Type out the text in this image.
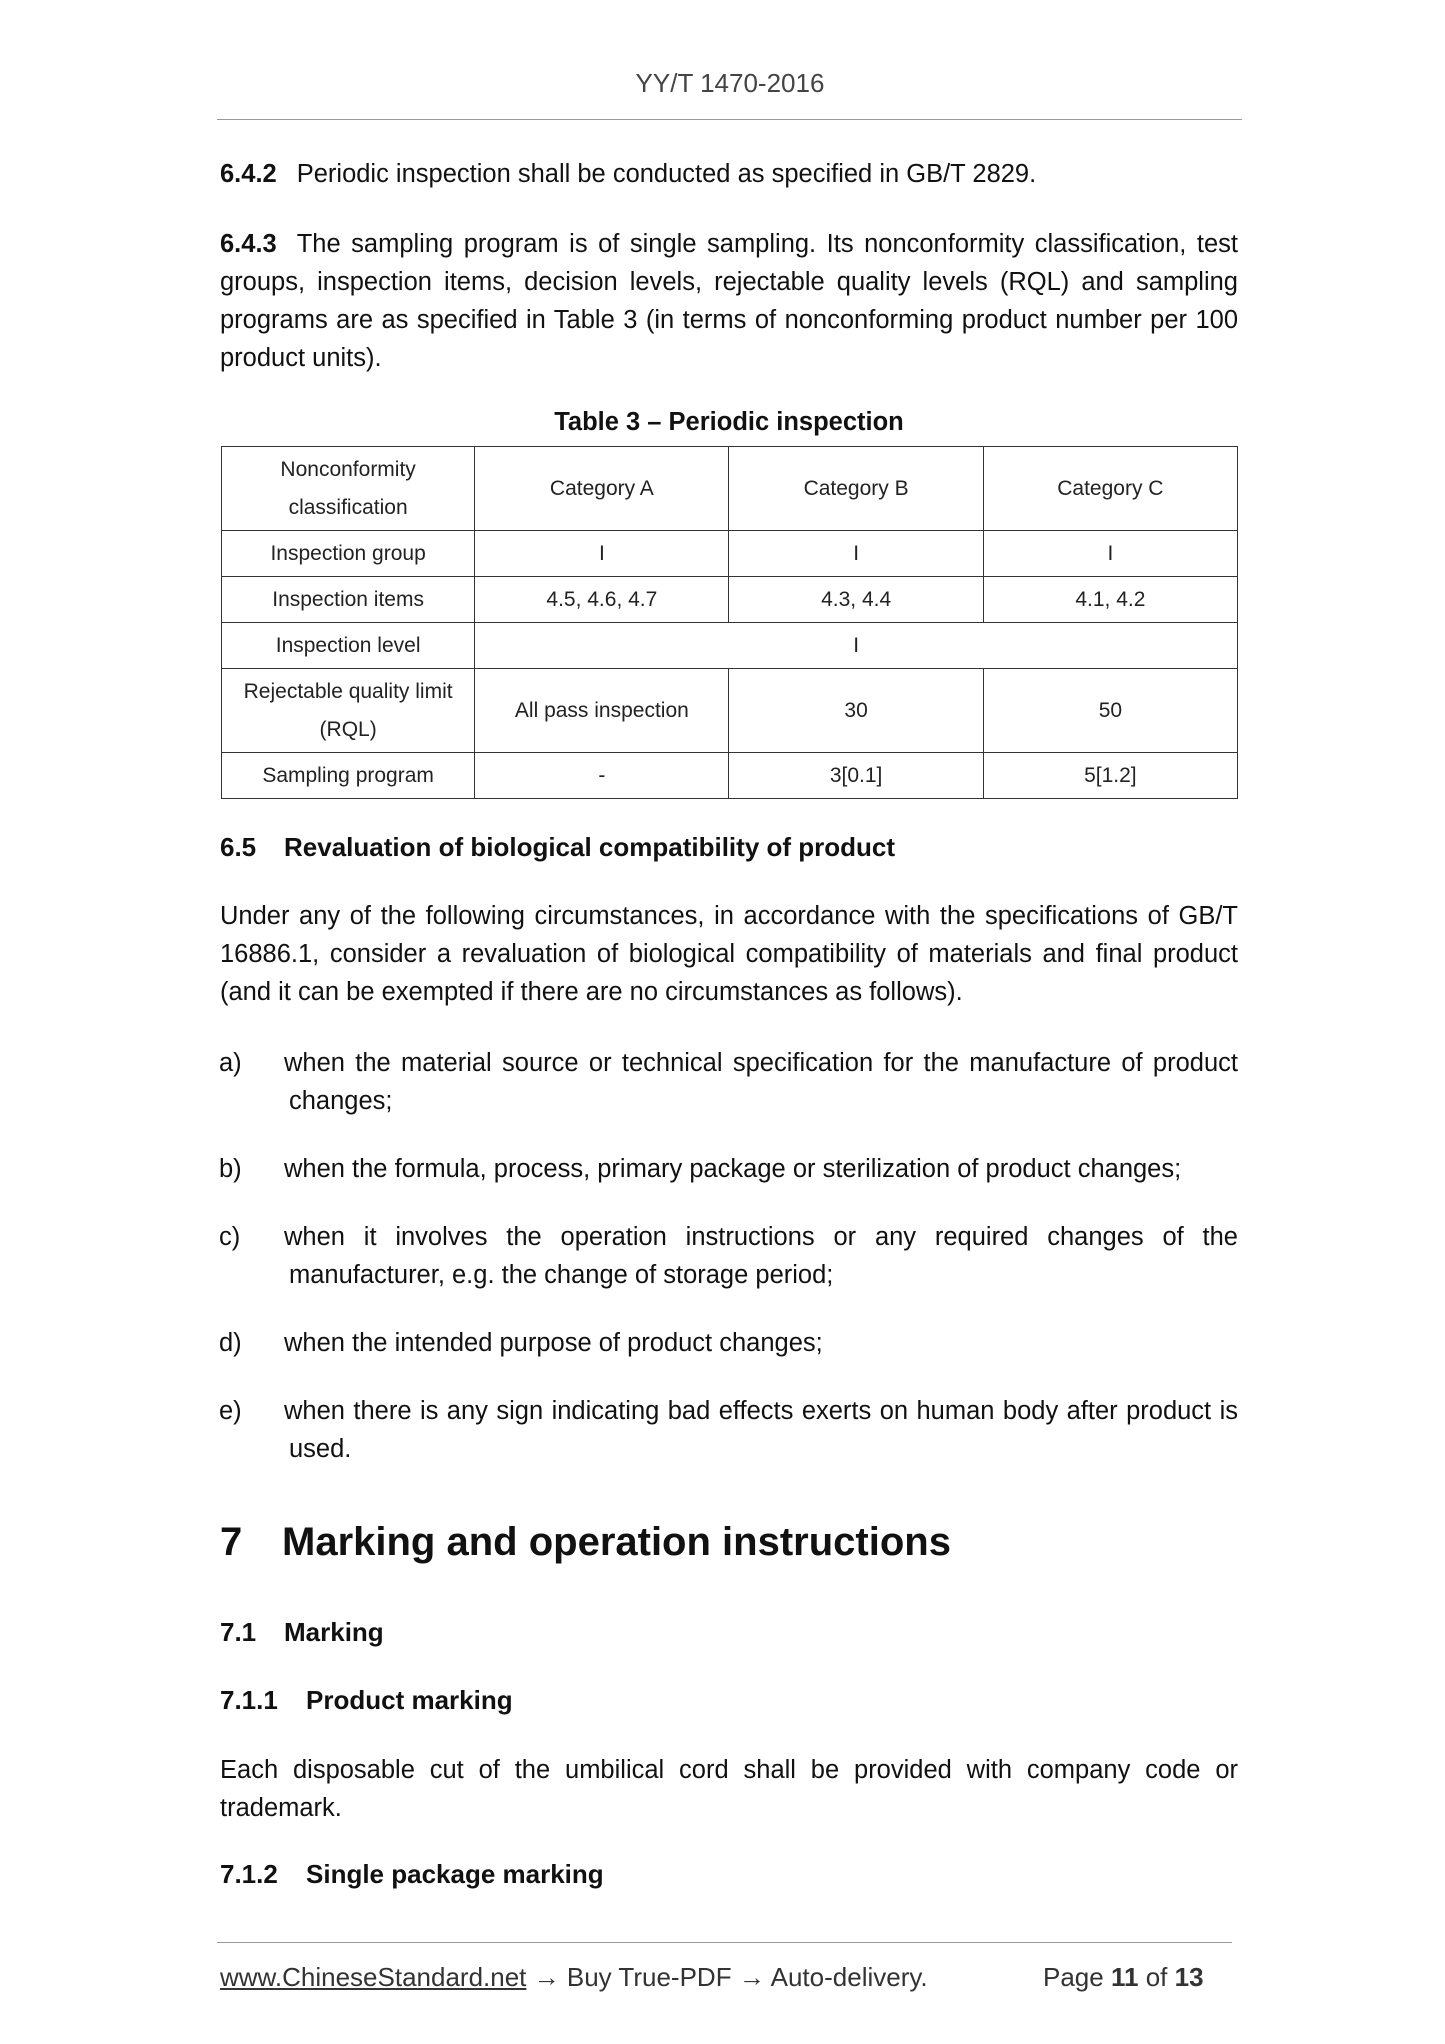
YY/T 1470-2016
6.4.2 Periodic inspection shall be conducted as specified in GB/T 2829.
6.4.3 The sampling program is of single sampling. Its nonconformity classification, test groups, inspection items, decision levels, rejectable quality levels (RQL) and sampling programs are as specified in Table 3 (in terms of nonconforming product number per 100 product units).
Table 3 – Periodic inspection
Nonconformity classification	Category A	Category B	Category C
Inspection group	I	I	I
Inspection items	4.5, 4.6, 4.7	4.3, 4.4	4.1, 4.2
Inspection level	I		
Rejectable quality limit (RQL)	All pass inspection	30	50
Sampling program	-	3[0.1]	5[1.2]
6.5 Revaluation of biological compatibility of product
Under any of the following circumstances, in accordance with the specifications of GB/T 16886.1, consider a revaluation of biological compatibility of materials and final product (and it can be exempted if there are no circumstances as follows).
a) when the material source or technical specification for the manufacture of product changes;
b) when the formula, process, primary package or sterilization of product changes;
c) when it involves the operation instructions or any required changes of the manufacturer, e.g. the change of storage period;
d) when the intended purpose of product changes;
e) when there is any sign indicating bad effects exerts on human body after product is used.
7 Marking and operation instructions
7.1 Marking
7.1.1 Product marking
Each disposable cut of the umbilical cord shall be provided with company code or trademark.
7.1.2 Single package marking
www.ChineseStandard.net → Buy True-PDF → Auto-delivery.	Page 11 of 13
